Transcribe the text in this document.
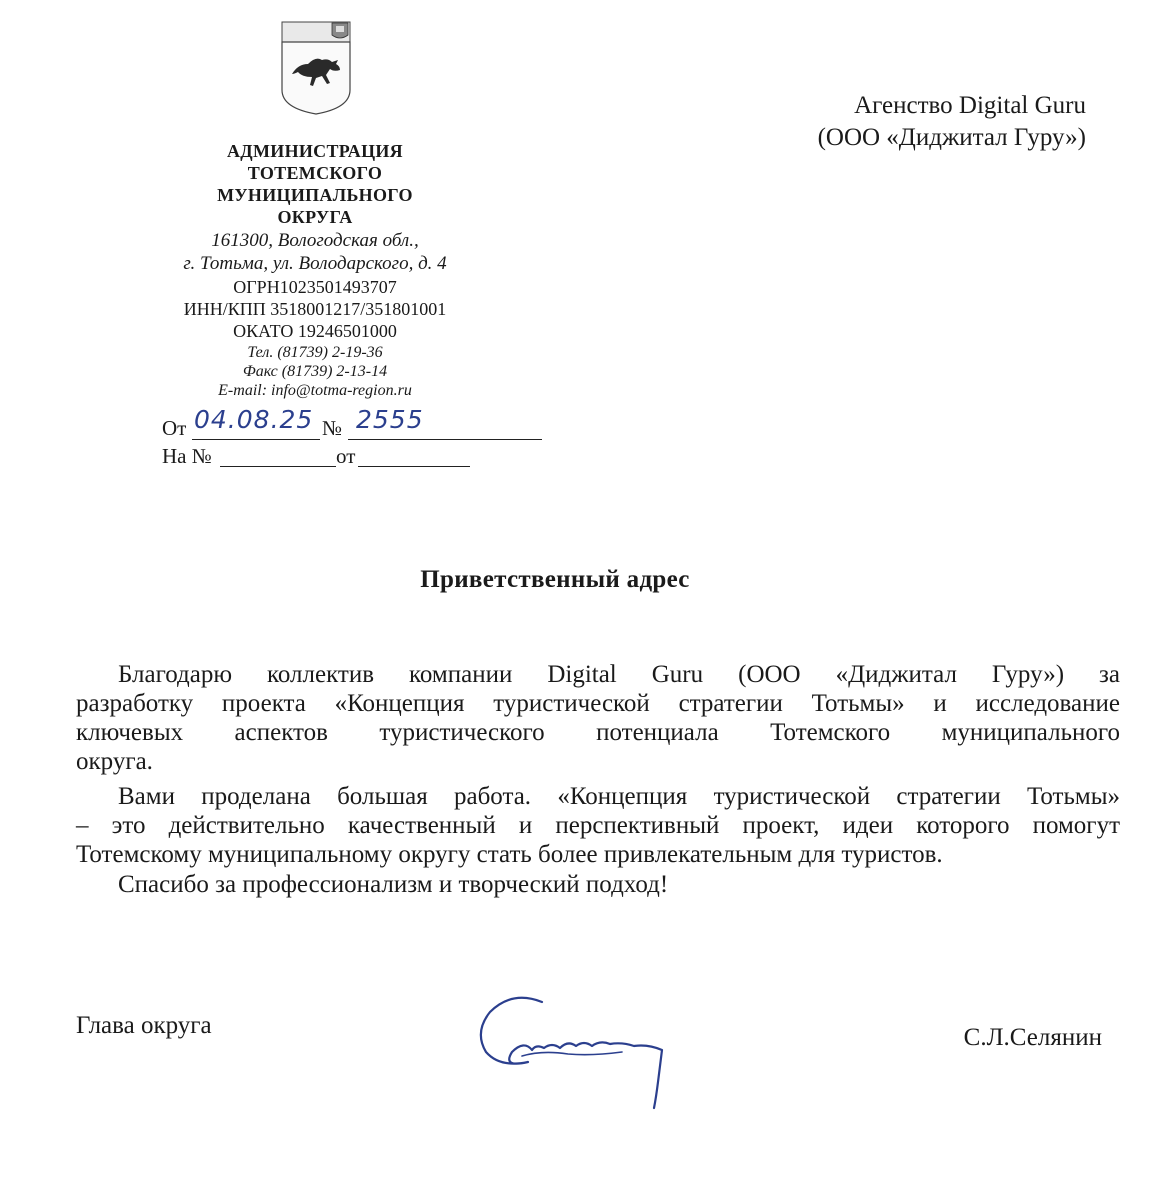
АДМИНИСТРАЦИЯ
ТОТЕМСКОГО
МУНИЦИПАЛЬНОГО
ОКРУГА
161300, Вологодская обл.,
г. Тотьма, ул. Володарского, д. 4
ОГРН1023501493707
ИНН/КПП 3518001217/351801001
ОКАТО 19246501000
Тел. (81739) 2-19-36
Факс (81739) 2-13-14
E-mail: info@totma-region.ru
От 04.08.25 № 2555
На №	от
Агенство Digital Guru
(ООО «Диджитал Гуру»)
Приветственный адрес
Благодарю коллектив компании Digital Guru (ООО «Диджитал Гуру») за
разработку проекта «Концепция туристической стратегии Тотьмы» и исследование
ключевых аспектов туристического потенциала Тотемского муниципального
округа.
Вами проделана большая работа. «Концепция туристической стратегии Тотьмы»
– это действительно качественный и перспективный проект, идеи которого помогут
Тотемскому муниципальному округу стать более привлекательным для туристов.
Спасибо за профессионализм и творческий подход!
Глава округа	С.Л.Селянин
